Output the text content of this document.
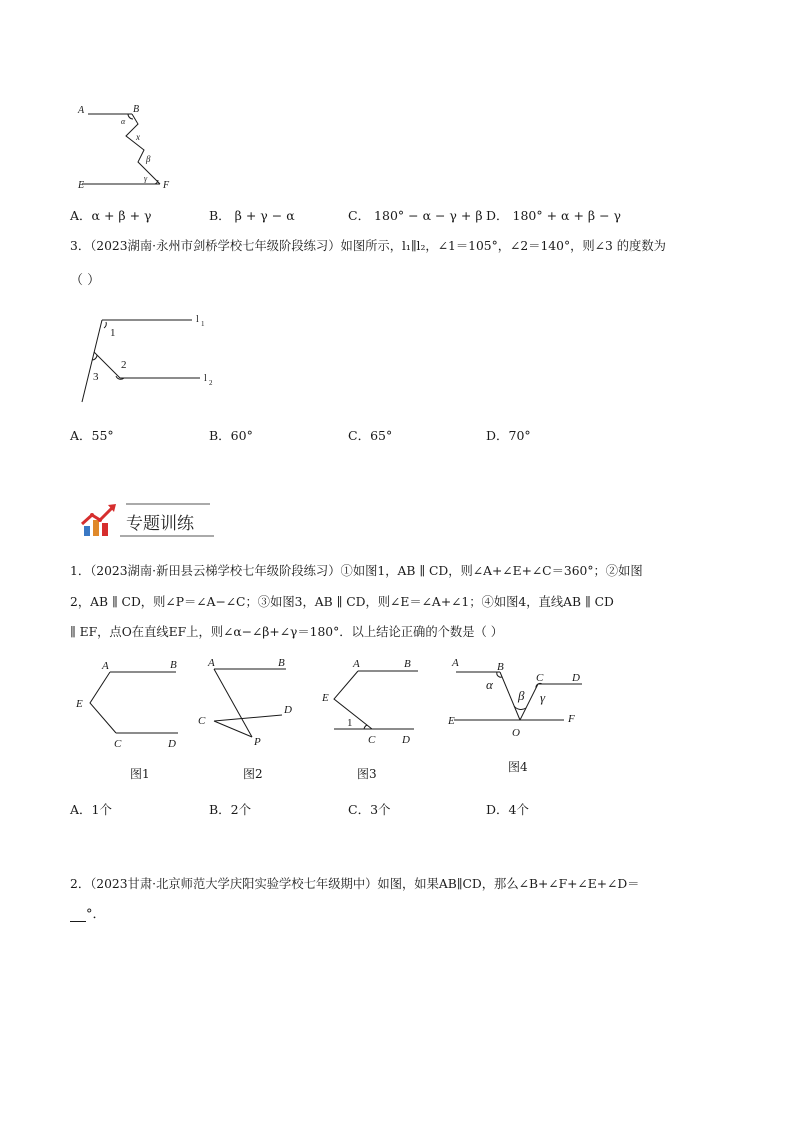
A	B
α
x
β
γ
E	F
A．α + β + γ	B． β + γ − α	C． 180° − α − γ + β D． 180° + α + β − γ
3．（2023湖南·永州市剑桥学校七年级阶段练习）如图所示，l₁∥l₂，∠1＝105°，∠2＝140°，则∠3 的度数为
（ ）
l 1
l 2
1
2
3
A．55°	B．60°	C．65°	D．70°
专题训练
1．（2023湖南·新田县云梯学校七年级阶段练习）①如图1，AB ∥ CD，则∠A+∠E+∠C＝360°；②如图
2，AB ∥ CD，则∠P＝∠A−∠C；③如图3，AB ∥ CD，则∠E＝∠A+∠1；④如图4，直线AB ∥ CD
∥ EF，点O在直线EF上，则∠α−∠β+∠γ＝180°．以上结论正确的个数是（ ）
A	B
E
C	D
图1
A	B
C
D
P
图2
A	B
E
1
C D
图3
A	B
C	D
α
β γ
E	F
O
图4
A．1个	B．2个	C．3个	D．4个
2．（2023甘肃·北京师范大学庆阳实验学校七年级期中）如图，如果AB∥CD，那么∠B+∠F+∠E+∠D＝
°．
